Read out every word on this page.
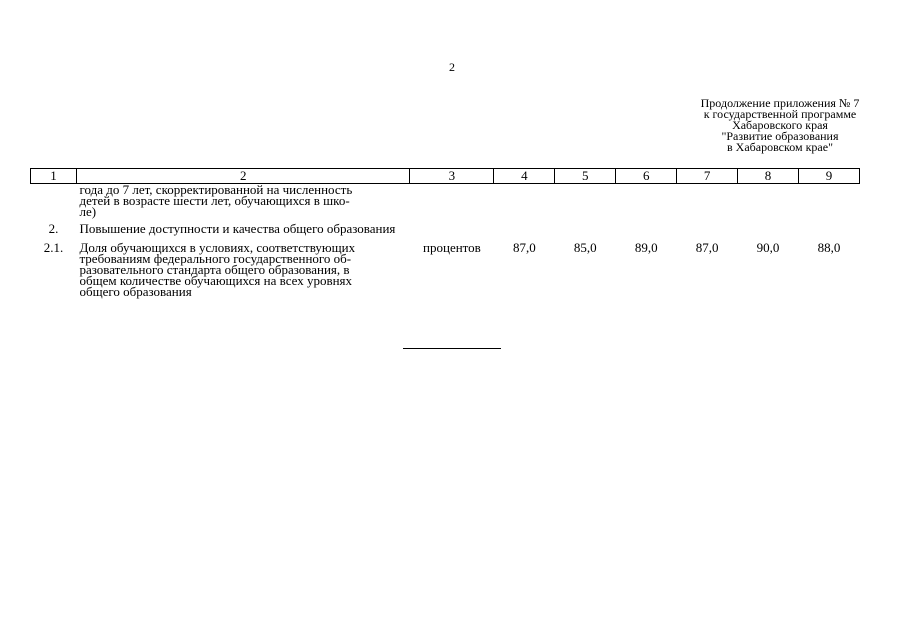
2
Продолжение приложения № 7
к государственной программе
Хабаровского края
"Развитие образования
в Хабаровском крае"
1	2	3	4	5	6	7	8	9

	года до 7 лет, скорректированной на численность
детей в возрасте шести лет, обучающихся в шко-
ле)							

2.	Повышение доступности и качества общего образования							
2.1.	Доля обучающихся в условиях, соответствующих
требованиям федерального государственного об-
разовательного стандарта общего образования, в
общем количестве обучающихся на всех уровнях
общего образования	процентов	87,0	85,0	89,0	87,0	90,0	88,0
